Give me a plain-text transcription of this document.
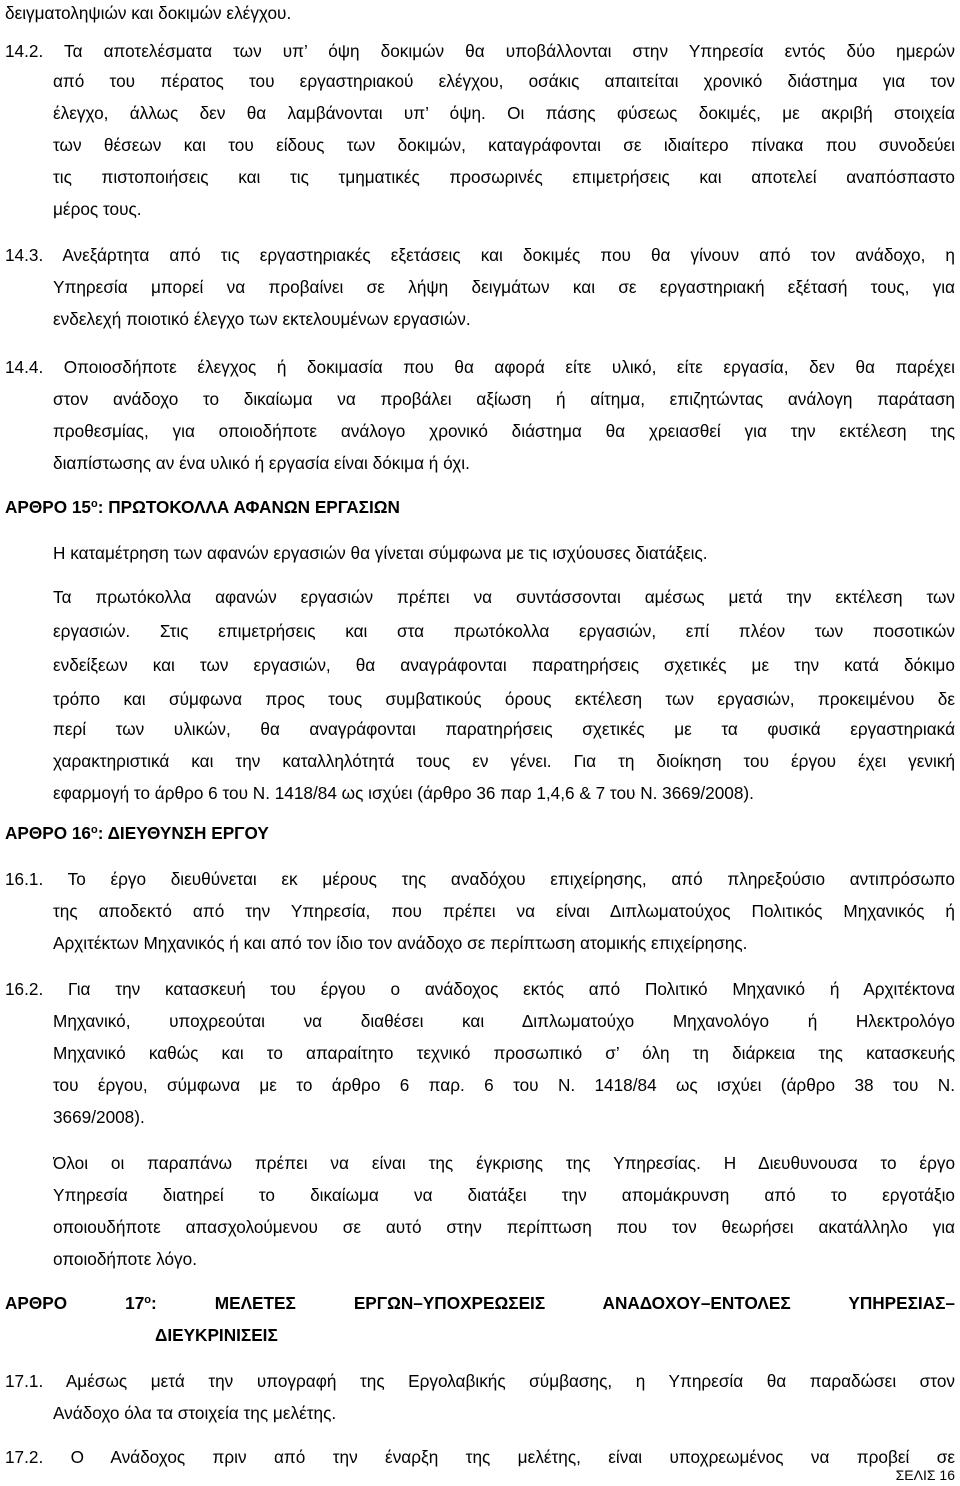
δειγματοληψιών και δοκιμών ελέγχου.
14.2. Τα αποτελέσματα των υπ’ όψη δοκιμών θα υποβάλλονται στην Υπηρεσία εντός δύο ημερών
από του πέρατος του εργαστηριακού ελέγχου, οσάκις απαιτείται χρονικό διάστημα για τον
έλεγχο, άλλως δεν θα λαμβάνονται υπ’ όψη. Οι πάσης φύσεως δοκιμές, με ακριβή στοιχεία
των θέσεων και του είδους των δοκιμών, καταγράφονται σε ιδιαίτερο πίνακα που συνοδεύει
τις πιστοποιήσεις και τις τμηματικές προσωρινές επιμετρήσεις και αποτελεί αναπόσπαστο
μέρος τους.
14.3. Ανεξάρτητα από τις εργαστηριακές εξετάσεις και δοκιμές που θα γίνουν από τον ανάδοχο, η
Υπηρεσία μπορεί να προβαίνει σε λήψη δειγμάτων και σε εργαστηριακή εξέτασή τους, για
ενδελεχή ποιοτικό έλεγχο των εκτελουμένων εργασιών.
14.4. Οποιοσδήποτε έλεγχος ή δοκιμασία που θα αφορά είτε υλικό, είτε εργασία, δεν θα παρέχει
στον ανάδοχο το δικαίωμα να προβάλει αξίωση ή αίτημα, επιζητώντας ανάλογη παράταση
προθεσμίας, για οποιοδήποτε ανάλογο χρονικό διάστημα θα χρειασθεί για την εκτέλεση της
διαπίστωσης αν ένα υλικό ή εργασία είναι δόκιμα ή όχι.
ΑΡΘΡΟ $15^o$: ΠΡΩΤΟΚΟΛΛΑ ΑΦΑΝΩΝ ΕΡΓΑΣΙΩΝ
Η καταμέτρηση των αφανών εργασιών θα γίνεται σύμφωνα με τις ισχύουσες διατάξεις.
Τα πρωτόκολλα αφανών εργασιών πρέπει να συντάσσονται αμέσως μετά την εκτέλεση των
εργασιών. Στις επιμετρήσεις και στα πρωτόκολλα εργασιών, επί πλέον των ποσοτικών
ενδείξεων και των εργασιών, θα αναγράφονται παρατηρήσεις σχετικές με την κατά δόκιμο
τρόπο και σύμφωνα προς τους συμβατικούς όρους εκτέλεση των εργασιών, προκειμένου δε
περί των υλικών, θα αναγράφονται παρατηρήσεις σχετικές με τα φυσικά εργαστηριακά
χαρακτηριστικά και την καταλληλότητά τους εν γένει. Για τη διοίκηση του έργου έχει γενική
εφαρμογή το άρθρο 6 του Ν. 1418/84 ως ισχύει (άρθρο 36 παρ 1,4,6 & 7 του Ν. 3669/2008).
ΑΡΘΡΟ $16^o$: ΔΙΕΥΘΥΝΣΗ ΕΡΓΟΥ
16.1. Το έργο διευθύνεται εκ μέρους της αναδόχου επιχείρησης, από πληρεξούσιο αντιπρόσωπο
της αποδεκτό από την Υπηρεσία, που πρέπει να είναι Διπλωματούχος Πολιτικός Μηχανικός ή
Αρχιτέκτων Μηχανικός ή και από τον ίδιο τον ανάδοχο σε περίπτωση ατομικής επιχείρησης.
16.2. Για την κατασκευή του έργου ο ανάδοχος εκτός από Πολιτικό Μηχανικό ή Αρχιτέκτονα
Μηχανικό, υποχρεούται να διαθέσει και Διπλωματούχο Μηχανολόγο ή Ηλεκτρολόγο
Μηχανικό καθώς και το απαραίτητο τεχνικό προσωπικό σ’ όλη τη διάρκεια της κατασκευής
του έργου, σύμφωνα με το άρθρο 6 παρ. 6 του Ν. 1418/84 ως ισχύει (άρθρο 38 του Ν.
3669/2008).
Όλοι οι παραπάνω πρέπει να είναι της έγκρισης της Υπηρεσίας. Η Διευθυνουσα το έργο
Υπηρεσία διατηρεί το δικαίωμα να διατάξει την απομάκρυνση από το εργοτάξιο
οποιουδήποτε απασχολούμενου σε αυτό στην περίπτωση που τον θεωρήσει ακατάλληλο για
οποιοδήποτε λόγο.
ΑΡΘΡΟ $17^o$: ΜΕΛΕΤΕΣ ΕΡΓΩΝ–ΥΠΟΧΡΕΩΣΕΙΣ ΑΝΑΔΟΧΟΥ–ΕΝΤΟΛΕΣ ΥΠΗΡΕΣΙΑΣ–
ΔΙΕΥΚΡΙΝΙΣΕΙΣ
17.1. Αμέσως μετά την υπογραφή της Εργολαβικής σύμβασης, η Υπηρεσία θα παραδώσει στον
Ανάδοχο όλα τα στοιχεία της μελέτης.
17.2. Ο Ανάδοχος πριν από την έναρξη της μελέτης, είναι υποχρεωμένος να προβεί σε
ΣΕΛΙΣ 16
